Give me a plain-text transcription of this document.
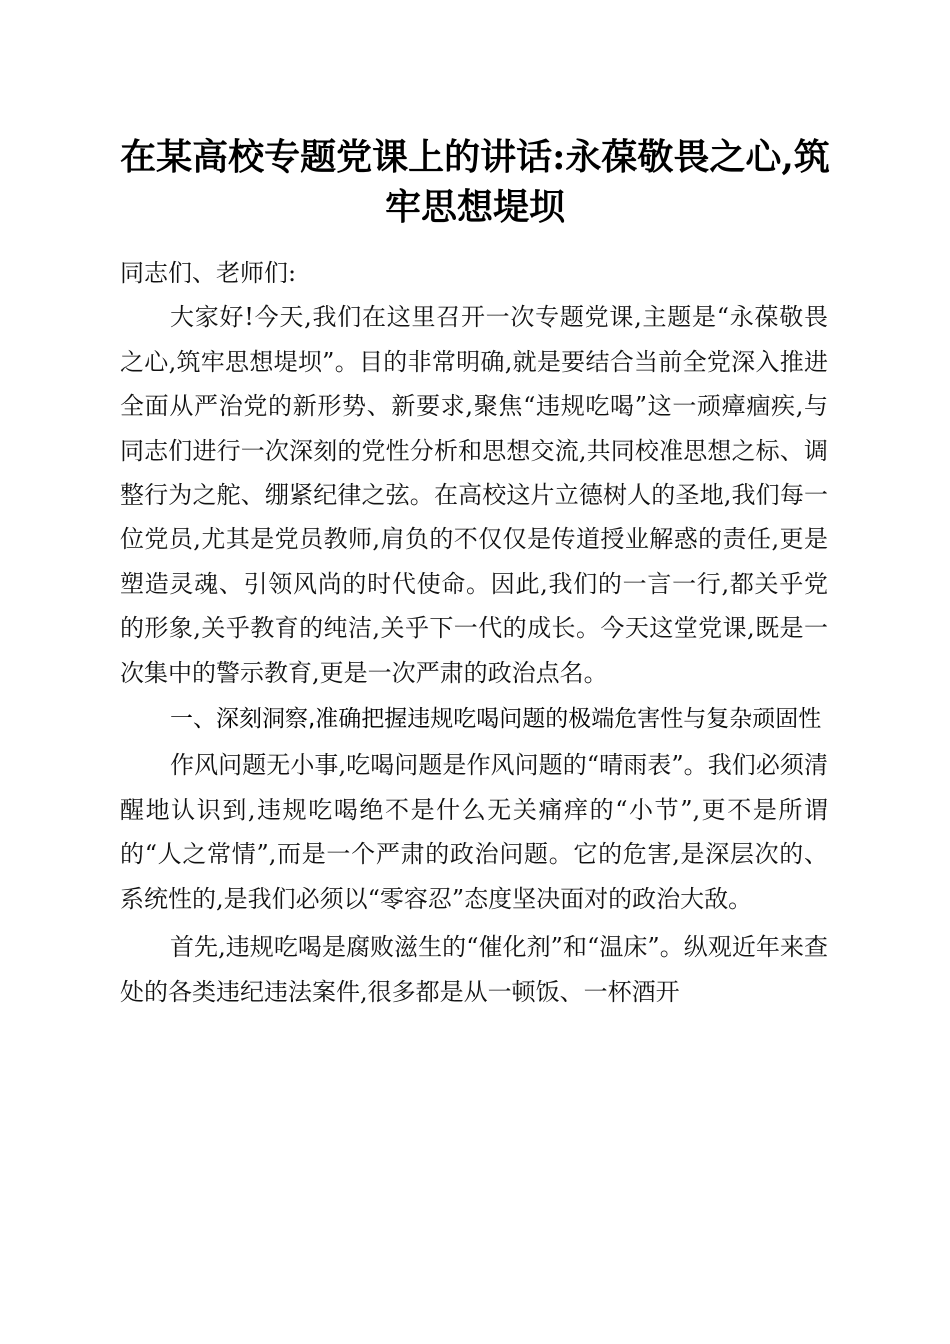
在某高校专题党课上的讲话:永葆敬畏之心,筑牢思想堤坝

同志们、老师们:

大家好!今天,我们在这里召开一次专题党课,主题是“永葆敬畏之心,筑牢思想堤坝”。目的非常明确,就是要结合当前全党深入推进全面从严治党的新形势、新要求,聚焦“违规吃喝”这一顽瘴痼疾,与同志们进行一次深刻的党性分析和思想交流,共同校准思想之标、调整行为之舵、绷紧纪律之弦。在高校这片立德树人的圣地,我们每一位党员,尤其是党员教师,肩负的不仅仅是传道授业解惑的责任,更是塑造灵魂、引领风尚的时代使命。因此,我们的一言一行,都关乎党的形象,关乎教育的纯洁,关乎下一代的成长。今天这堂党课,既是一次集中的警示教育,更是一次严肃的政治点名。

一、深刻洞察,准确把握违规吃喝问题的极端危害性与复杂顽固性

作风问题无小事,吃喝问题是作风问题的“晴雨表”。我们必须清醒地认识到,违规吃喝绝不是什么无关痛痒的“小节”,更不是所谓的“人之常情”,而是一个严肃的政治问题。它的危害,是深层次的、系统性的,是我们必须以“零容忍”态度坚决面对的政治大敌。

首先,违规吃喝是腐败滋生的“催化剂”和“温床”。纵观近年来查处的各类违纪违法案件,很多都是从一顿饭、一杯酒开
